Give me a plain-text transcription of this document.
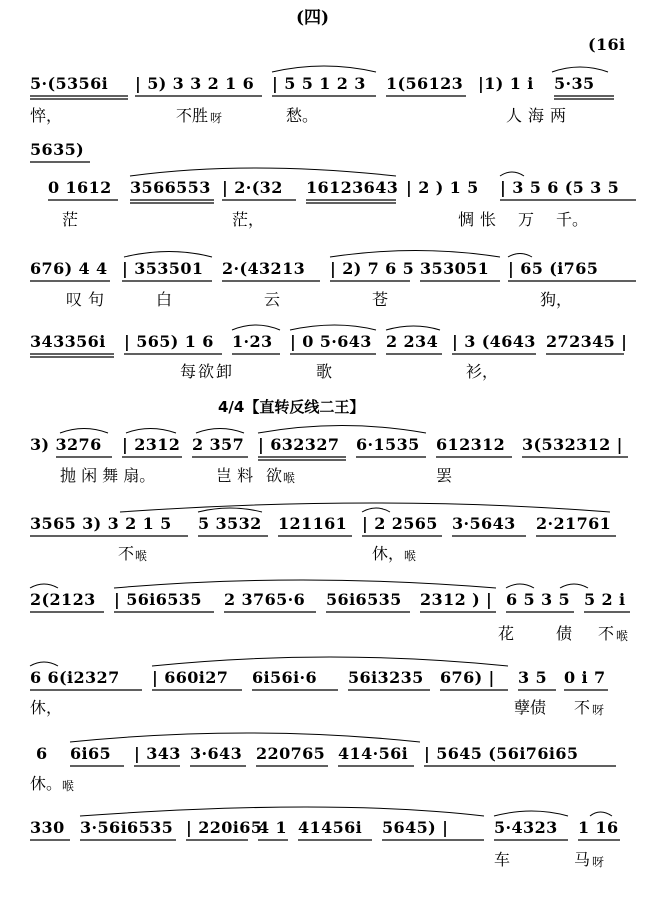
(四)
(16i
5·(5356i | 5) 3 3 2 1 6 | 5 5 1 2 3 1(56123 |1) 1 i 5·35
悴，	不胜 呀	愁。	人海两
5635)
0 1612 3566553 | 2·(32 16123643 | 2 ) 1 5 | 3 5 6 (5 3 5
茫	茫，	惆怅 万 千。
676) 4 4 | 353501 2·(43213 | 2) 7 6 5 353051 | 65 (i765
叹句	白	云	苍	狗，
343356i | 565) 1 6 1·23 | 0 5·643 2 234 | 3 (4643 272345 |
每欲卸	歌	衫，
4/4【直转反线二王】
3) 3276 | 2312 2 357 | 632327 6·1535 612312 3(532312 |
抛 闲 舞 扇。	岂 料 欲 喉	罢
3565 3) 3 2 1 5 5 3532 121161 | 2 2565 3·5643 2·21761
不 喉	休， 喉
2(2123 | 56i6535 2 3765·6 56i6535 2312 ) | 6 5 3 5 5 2 i
花	债 不 喉
6 6(i2327 | 660i27 6i56i·6 56i3235 676) | 3 5 0 i 7
休，	孽债 不 呀
6 6i65 | 343 3·643 220765 414·56i | 5645 (56i76i65
休。 喉
330 3·56i6535 | 220i65
4 1 41456i 5645) |	5·4323 1 16
车	马 呀
